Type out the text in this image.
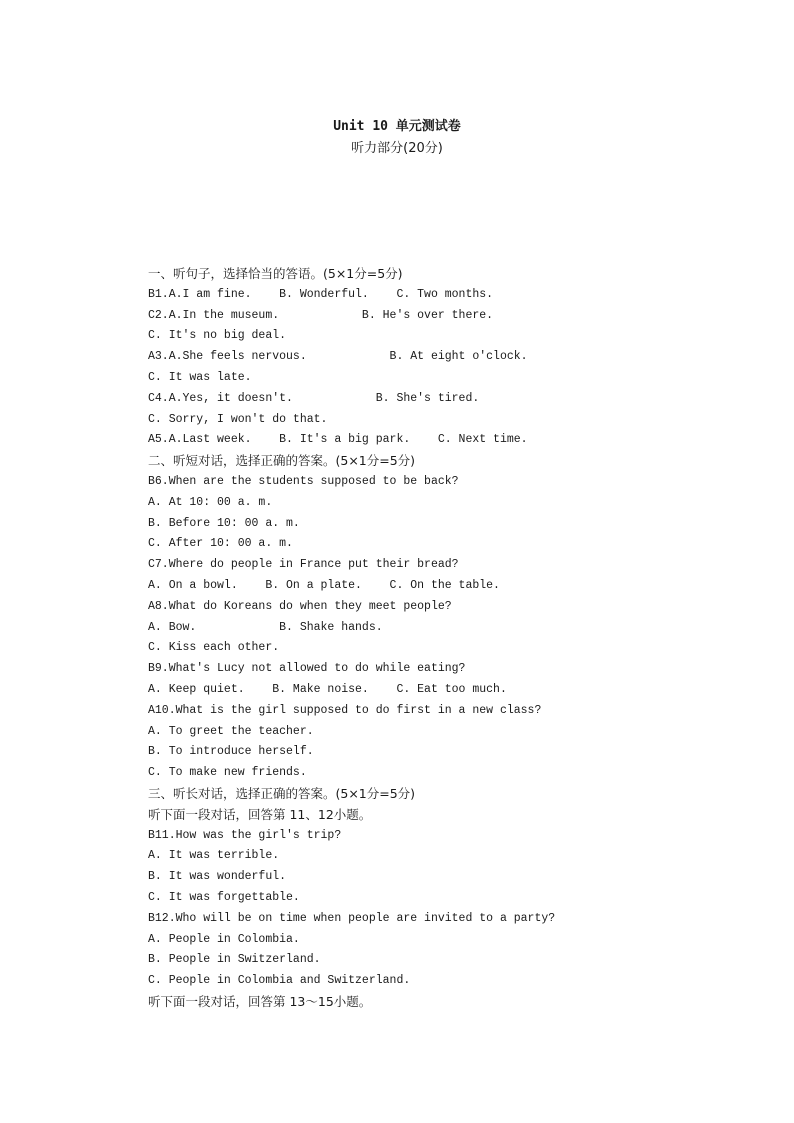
Unit 10 单元测试卷
听力部分(20分)
一、听句子，选择恰当的答语。(5×1分=5分)
B1.A.I am fine.    B. Wonderful.    C. Two months.
C2.A.In the museum.            B. He's over there.
C. It's no big deal.
A3.A.She feels nervous.            B. At eight o'clock.
C. It was late.
C4.A.Yes, it doesn't.            B. She's tired.
C. Sorry, I won't do that.
A5.A.Last week.    B. It's a big park.    C. Next time.
二、听短对话，选择正确的答案。(5×1分=5分)
B6.When are the students supposed to be back?
A. At 10: 00 a. m.
B. Before 10: 00 a. m.
C. After 10: 00 a. m.
C7.Where do people in France put their bread?
A. On a bowl.    B. On a plate.    C. On the table.
A8.What do Koreans do when they meet people?
A. Bow.            B. Shake hands.
C. Kiss each other.
B9.What's Lucy not allowed to do while eating?
A. Keep quiet.    B. Make noise.    C. Eat too much.
A10.What is the girl supposed to do first in a new class?
A. To greet the teacher.
B. To introduce herself.
C. To make new friends.
三、听长对话，选择正确的答案。(5×1分=5分)
听下面一段对话，回答第 11、12小题。
B11.How was the girl's trip?
A. It was terrible.
B. It was wonderful.
C. It was forgettable.
B12.Who will be on time when people are invited to a party?
A. People in Colombia.
B. People in Switzerland.
C. People in Colombia and Switzerland.
听下面一段对话，回答第 13～15小题。
